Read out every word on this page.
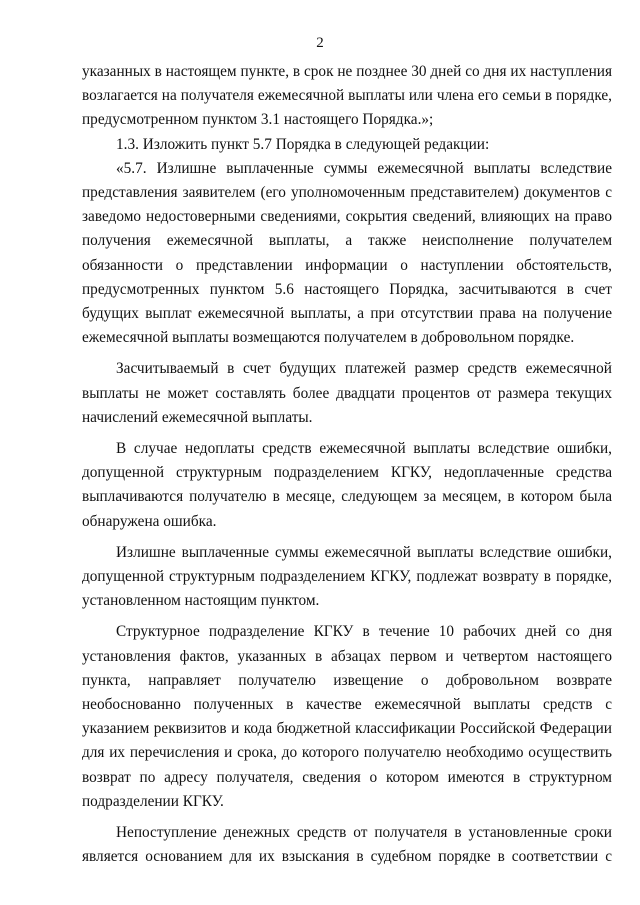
2

указанных в настоящем пункте, в срок не позднее 30 дней со дня их наступления возлагается на получателя ежемесячной выплаты или члена его семьи в порядке, предусмотренном пунктом 3.1 настоящего Порядка.»;

1.3. Изложить пункт 5.7 Порядка в следующей редакции:

«5.7. Излишне выплаченные суммы ежемесячной выплаты вследствие представления заявителем (его уполномоченным представителем) документов с заведомо недостоверными сведениями, сокрытия сведений, влияющих на право получения ежемесячной выплаты, а также неисполнение получателем обязанности о представлении информации о наступлении обстоятельств, предусмотренных пунктом 5.6 настоящего Порядка, засчитываются в счет будущих выплат ежемесячной выплаты, а при отсутствии права на получение ежемесячной выплаты возмещаются получателем в добровольном порядке.

Засчитываемый в счет будущих платежей размер средств ежемесячной выплаты не может составлять более двадцати процентов от размера текущих начислений ежемесячной выплаты.

В случае недоплаты средств ежемесячной выплаты вследствие ошибки, допущенной структурным подразделением КГКУ, недоплаченные средства выплачиваются получателю в месяце, следующем за месяцем, в котором была обнаружена ошибка.

Излишне выплаченные суммы ежемесячной выплаты вследствие ошибки, допущенной структурным подразделением КГКУ, подлежат возврату в порядке, установленном настоящим пунктом.

Структурное подразделение КГКУ в течение 10 рабочих дней со дня установления фактов, указанных в абзацах первом и четвертом настоящего пункта, направляет получателю извещение о добровольном возврате необоснованно полученных в качестве ежемесячной выплаты средств с указанием реквизитов и кода бюджетной классификации Российской Федерации для их перечисления и срока, до которого получателю необходимо осуществить возврат по адресу получателя, сведения о котором имеются в структурном подразделении КГКУ.

Непоступление денежных средств от получателя в установленные сроки является основанием для их взыскания в судебном порядке в соответствии с
